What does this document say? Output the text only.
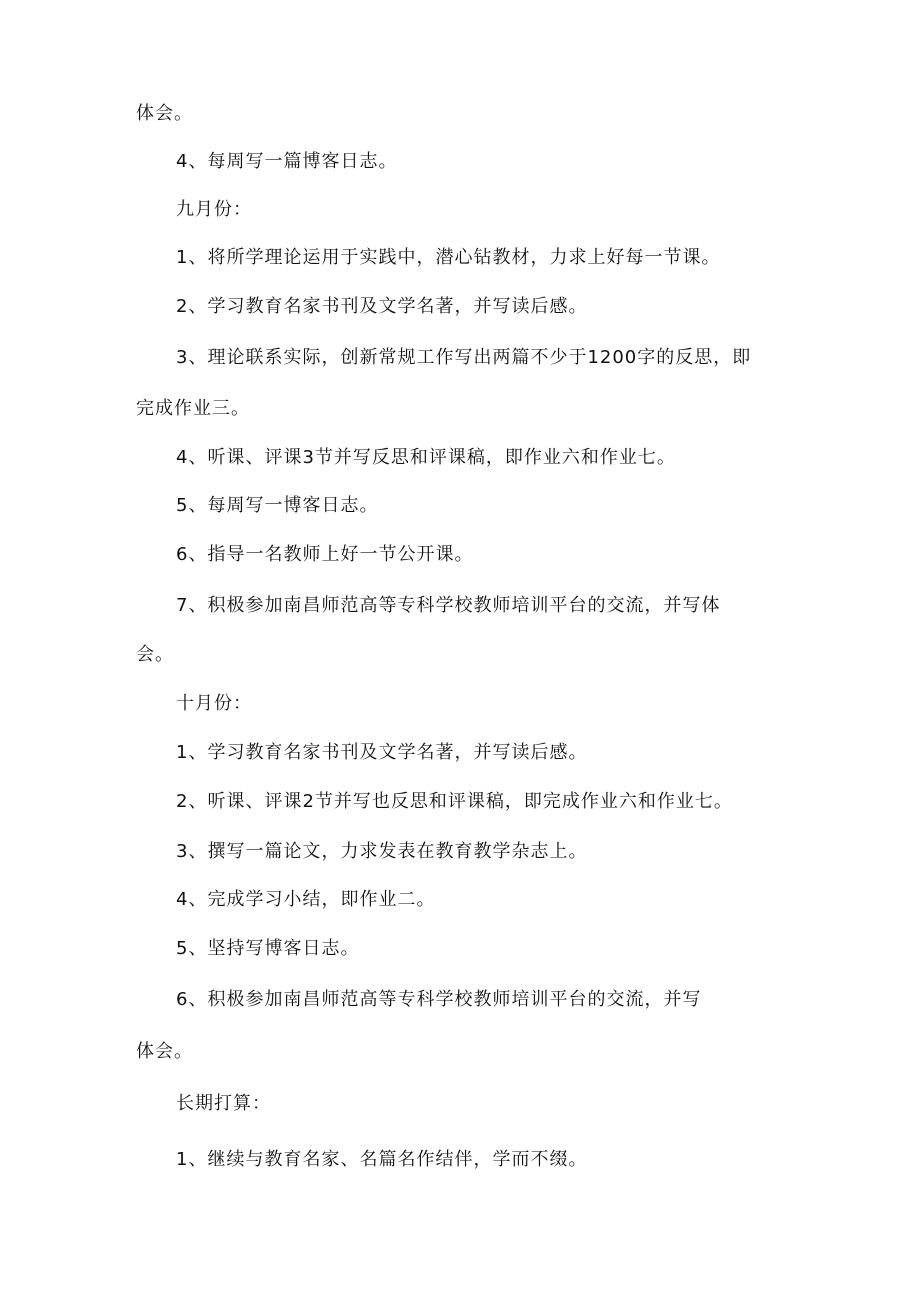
体会。
4、每周写一篇博客日志。
九月份：
1、将所学理论运用于实践中，潜心钻教材，力求上好每一节课。
2、学习教育名家书刊及文学名著，并写读后感。
3、理论联系实际，创新常规工作写出两篇不少于1200字的反思，即
完成作业三。
4、听课、评课3节并写反思和评课稿，即作业六和作业七。
5、每周写一博客日志。
6、指导一名教师上好一节公开课。
7、积极参加南昌师范高等专科学校教师培训平台的交流，并写体
会。
十月份：
1、学习教育名家书刊及文学名著，并写读后感。
2、听课、评课2节并写也反思和评课稿，即完成作业六和作业七。
3、撰写一篇论文，力求发表在教育教学杂志上。
4、完成学习小结，即作业二。
5、坚持写博客日志。
6、积极参加南昌师范高等专科学校教师培训平台的交流，并写
体会。
长期打算：
1、继续与教育名家、名篇名作结伴，学而不缀。
